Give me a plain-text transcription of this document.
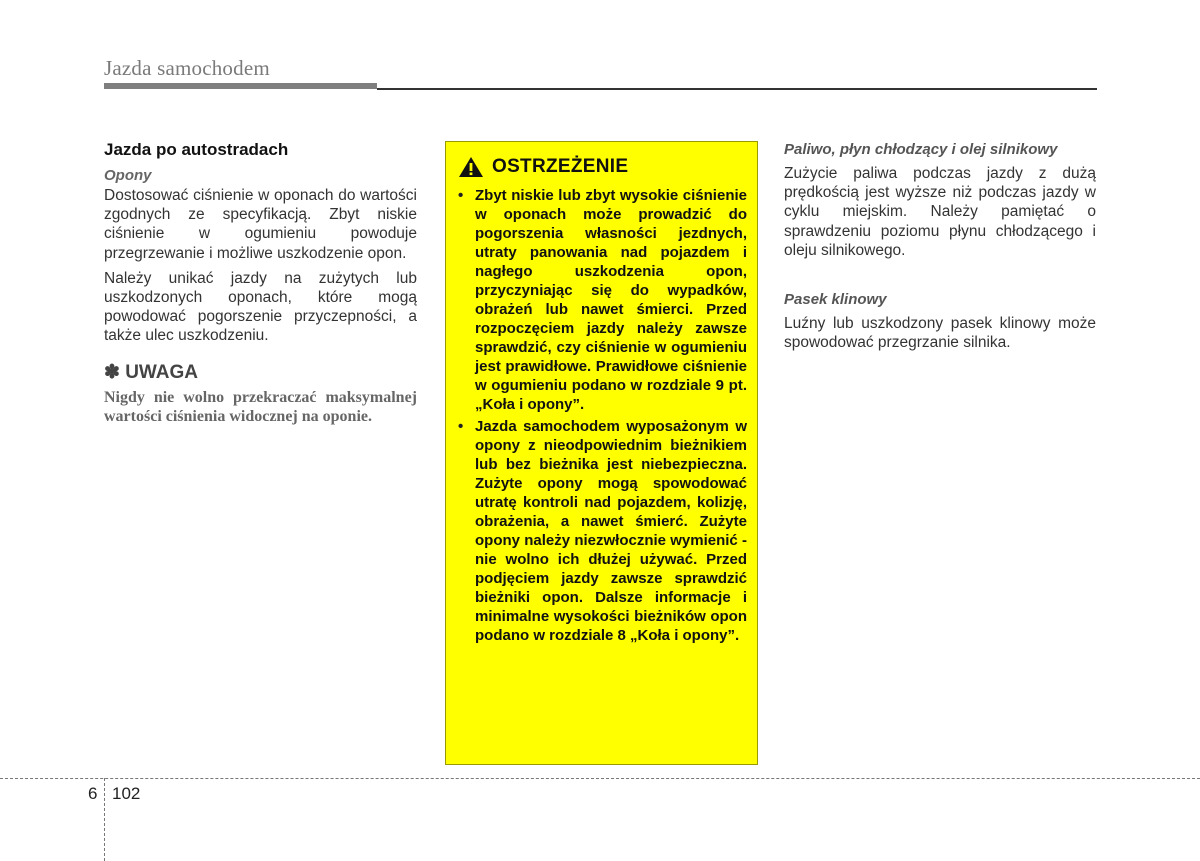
Jazda samochodem
Jazda po autostradach
Opony

Dostosować ciśnienie w oponach do wartości zgodnych ze specyfikacją. Zbyt niskie ciśnienie w ogumieniu powoduje przegrzewanie i możliwe uszkodzenie opon.

Należy unikać jazdy na zużytych lub uszkodzonych oponach, które mogą powodować pogorszenie przyczepności, a także ulec uszkodzeniu.

✽ UWAGA
Nigdy nie wolno przekraczać maksymalnej wartości ciśnienia widocznej na oponie.
OSTRZEŻENIE
• Zbyt niskie lub zbyt wysokie ciśnienie w oponach może prowadzić do pogorszenia własności jezdnych, utraty panowania nad pojazdem i nagłego uszkodzenia opon, przyczyniając się do wypadków, obrażeń lub nawet śmierci. Przed rozpoczęciem jazdy należy zawsze sprawdzić, czy ciśnienie w ogumieniu jest prawidłowe. Prawidłowe ciśnienie w ogumieniu podano w rozdziale 9 pt. „Koła i opony”.
• Jazda samochodem wyposażonym w opony z nieodpowiednim bieżnikiem lub bez bieżnika jest niebezpieczna. Zużyte opony mogą spowodować utratę kontroli nad pojazdem, kolizję, obrażenia, a nawet śmierć. Zużyte opony należy niezwłocznie wymienić - nie wolno ich dłużej używać. Przed podjęciem jazdy zawsze sprawdzić bieżniki opon. Dalsze informacje i minimalne wysokości bieżników opon podano w rozdziale 8 „Koła i opony”.
Paliwo, płyn chłodzący i olej silnikowy

Zużycie paliwa podczas jazdy z dużą prędkością jest wyższe niż podczas jazdy w cyklu miejskim. Należy pamiętać o sprawdzeniu poziomu płynu chłodzącego i oleju silnikowego.

Pasek klinowy

Luźny lub uszkodzony pasek klinowy może spowodować przegrzanie silnika.

6 102
